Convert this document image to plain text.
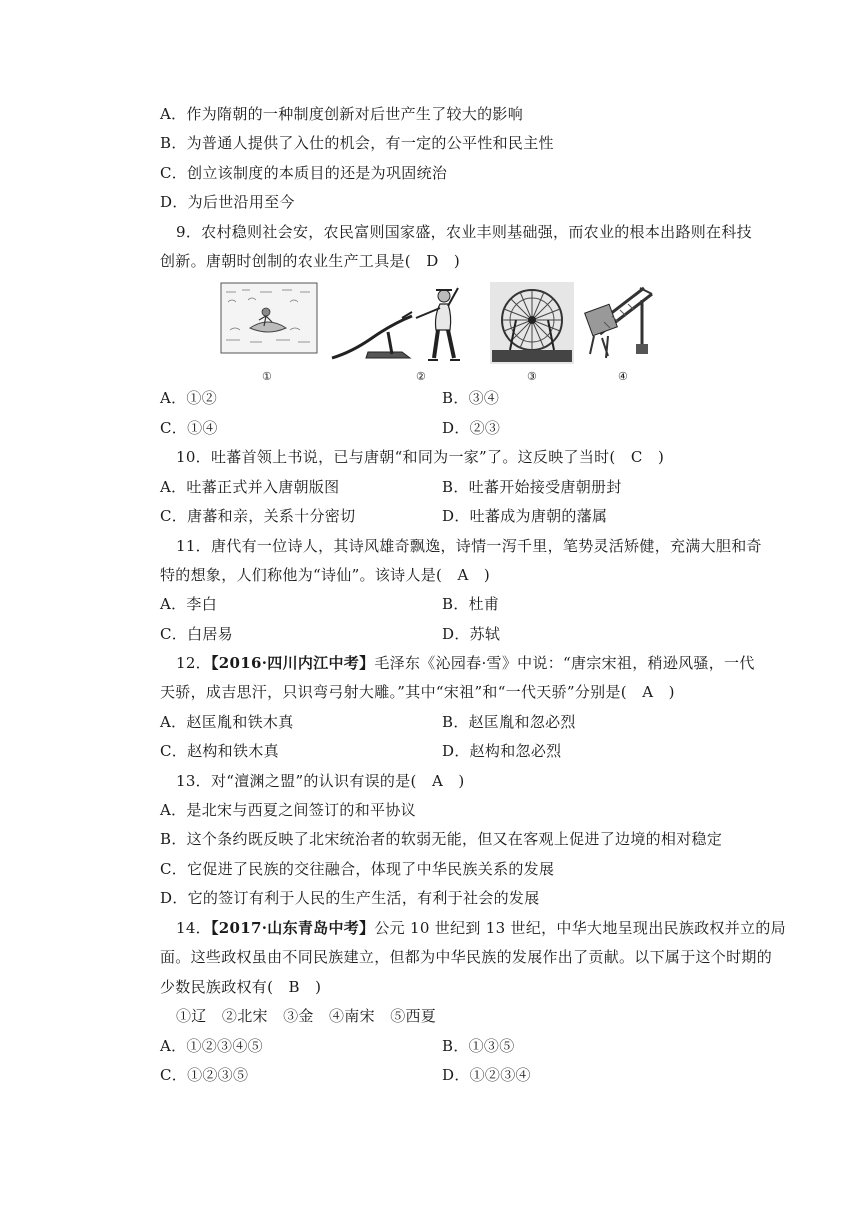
A．作为隋朝的一种制度创新对后世产生了较大的影响
B．为普通人提供了入仕的机会，有一定的公平性和民主性
C．创立该制度的本质目的还是为巩固统治
D．为后世沿用至今
9．农村稳则社会安，农民富则国家盛，农业丰则基础强，而农业的根本出路则在科技
创新。唐朝时创制的农业生产工具是(　D　)
①	②	③	④
A．①②	B．③④
C．①④	D．②③
10．吐蕃首领上书说，已与唐朝“和同为一家”了。这反映了当时(　C　)
A．吐蕃正式并入唐朝版图	B．吐蕃开始接受唐朝册封
C．唐蕃和亲，关系十分密切	D．吐蕃成为唐朝的藩属
11．唐代有一位诗人，其诗风雄奇飘逸，诗情一泻千里，笔势灵活矫健，充满大胆和奇
特的想象，人们称他为“诗仙”。该诗人是(　A　)
A．李白	B．杜甫
C．白居易	D．苏轼
12．【2016·四川内江中考】毛泽东《沁园春·雪》中说：“唐宗宋祖，稍逊风骚，一代
天骄，成吉思汗，只识弯弓射大雕。”其中“宋祖”和“一代天骄”分别是(　A　)
A．赵匡胤和铁木真	B．赵匡胤和忽必烈
C．赵构和铁木真	D．赵构和忽必烈
13．对“澶渊之盟”的认识有误的是(　A　)
A．是北宋与西夏之间签订的和平协议
B．这个条约既反映了北宋统治者的软弱无能，但又在客观上促进了边境的相对稳定
C．它促进了民族的交往融合，体现了中华民族关系的发展
D．它的签订有利于人民的生产生活，有利于社会的发展
14．【2017·山东青岛中考】公元 10 世纪到 13 世纪，中华大地呈现出民族政权并立的局
面。这些政权虽由不同民族建立，但都为中华民族的发展作出了贡献。以下属于这个时期的
少数民族政权有(　B　)
①辽　②北宋　③金　④南宋　⑤西夏
A．①②③④⑤	B．①③⑤
C．①②③⑤	D．①②③④
